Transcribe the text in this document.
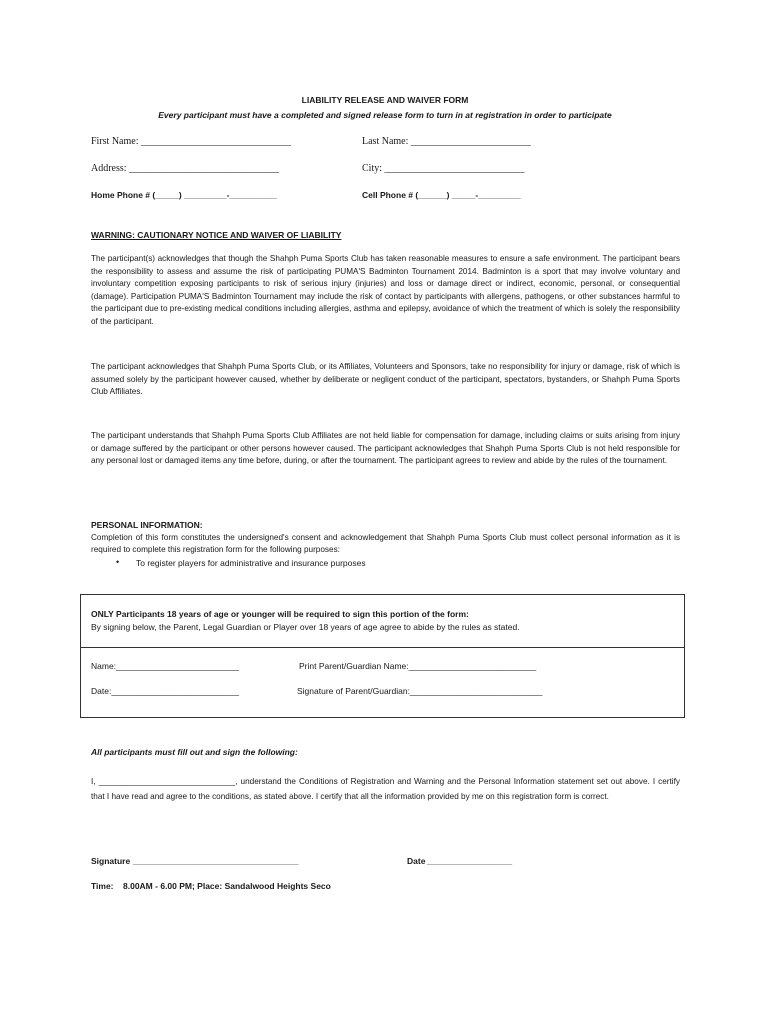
LIABILITY RELEASE AND WAIVER FORM
Every participant must have a completed and signed release form to turn in at registration in order to participate
First Name: ______________________________	Last Name: ________________________
Address: ______________________________	City: ____________________________
Home Phone # (_____) _________-__________	Cell Phone # (______) _____-_________
WARNING: CAUTIONARY NOTICE AND WAIVER OF LIABILITY
The participant(s) acknowledges that though the Shahph Puma Sports Club has taken reasonable measures to ensure a safe environment. The participant bears the responsibility to assess and assume the risk of participating PUMA'S Badminton Tournament 2014. Badminton is a sport that may involve voluntary and involuntary competition exposing participants to risk of serious injury (injuries) and loss or damage direct or indirect, economic, personal, or consequential (damage). Participation PUMA'S Badminton Tournament may include the risk of contact by participants with allergens, pathogens, or other substances harmful to the participant due to pre-existing medical conditions including allergies, asthma and epilepsy, avoidance of which the treatment of which is solely the responsibility of the participant.
The participant acknowledges that Shahph Puma Sports Club, or its Affiliates, Volunteers and Sponsors, take no responsibility for injury or damage, risk of which is assumed solely by the participant however caused, whether by deliberate or negligent conduct of the participant, spectators, bystanders, or Shahph Puma Sports Club Affiliates.
The participant understands that Shahph Puma Sports Club Affiliates are not held liable for compensation for damage, including claims or suits arising from injury or damage suffered by the participant or other persons however caused. The participant acknowledges that Shahph Puma Sports Club is not held responsible for any personal lost or damaged items any time before, during, or after the tournament. The participant agrees to review and abide by the rules of the tournament.
PERSONAL INFORMATION:
Completion of this form constitutes the undersigned's consent and acknowledgement that Shahph Puma Sports Club must collect personal information as it is required to complete this registration form for the following purposes:
• To register players for administrative and insurance purposes
ONLY Participants 18 years of age or younger will be required to sign this portion of the form:
By signing below, the Parent, Legal Guardian or Player over 18 years of age agree to abide by the rules as stated.
Name:__________________________	Print Parent/Guardian Name:___________________________
Date:___________________________	Signature of Parent/Guardian:____________________________
All participants must fill out and sign the following:
I, ______________________________, understand the Conditions of Registration and Warning and the Personal Information statement set out above. I certify that I have read and agree to the conditions, as stated above. I certify that all the information provided by me on this registration form is correct.
Signature ___________________________________	Date __________________
Time: 8.00AM - 6.00 PM; Place: Sandalwood Heights Seco
